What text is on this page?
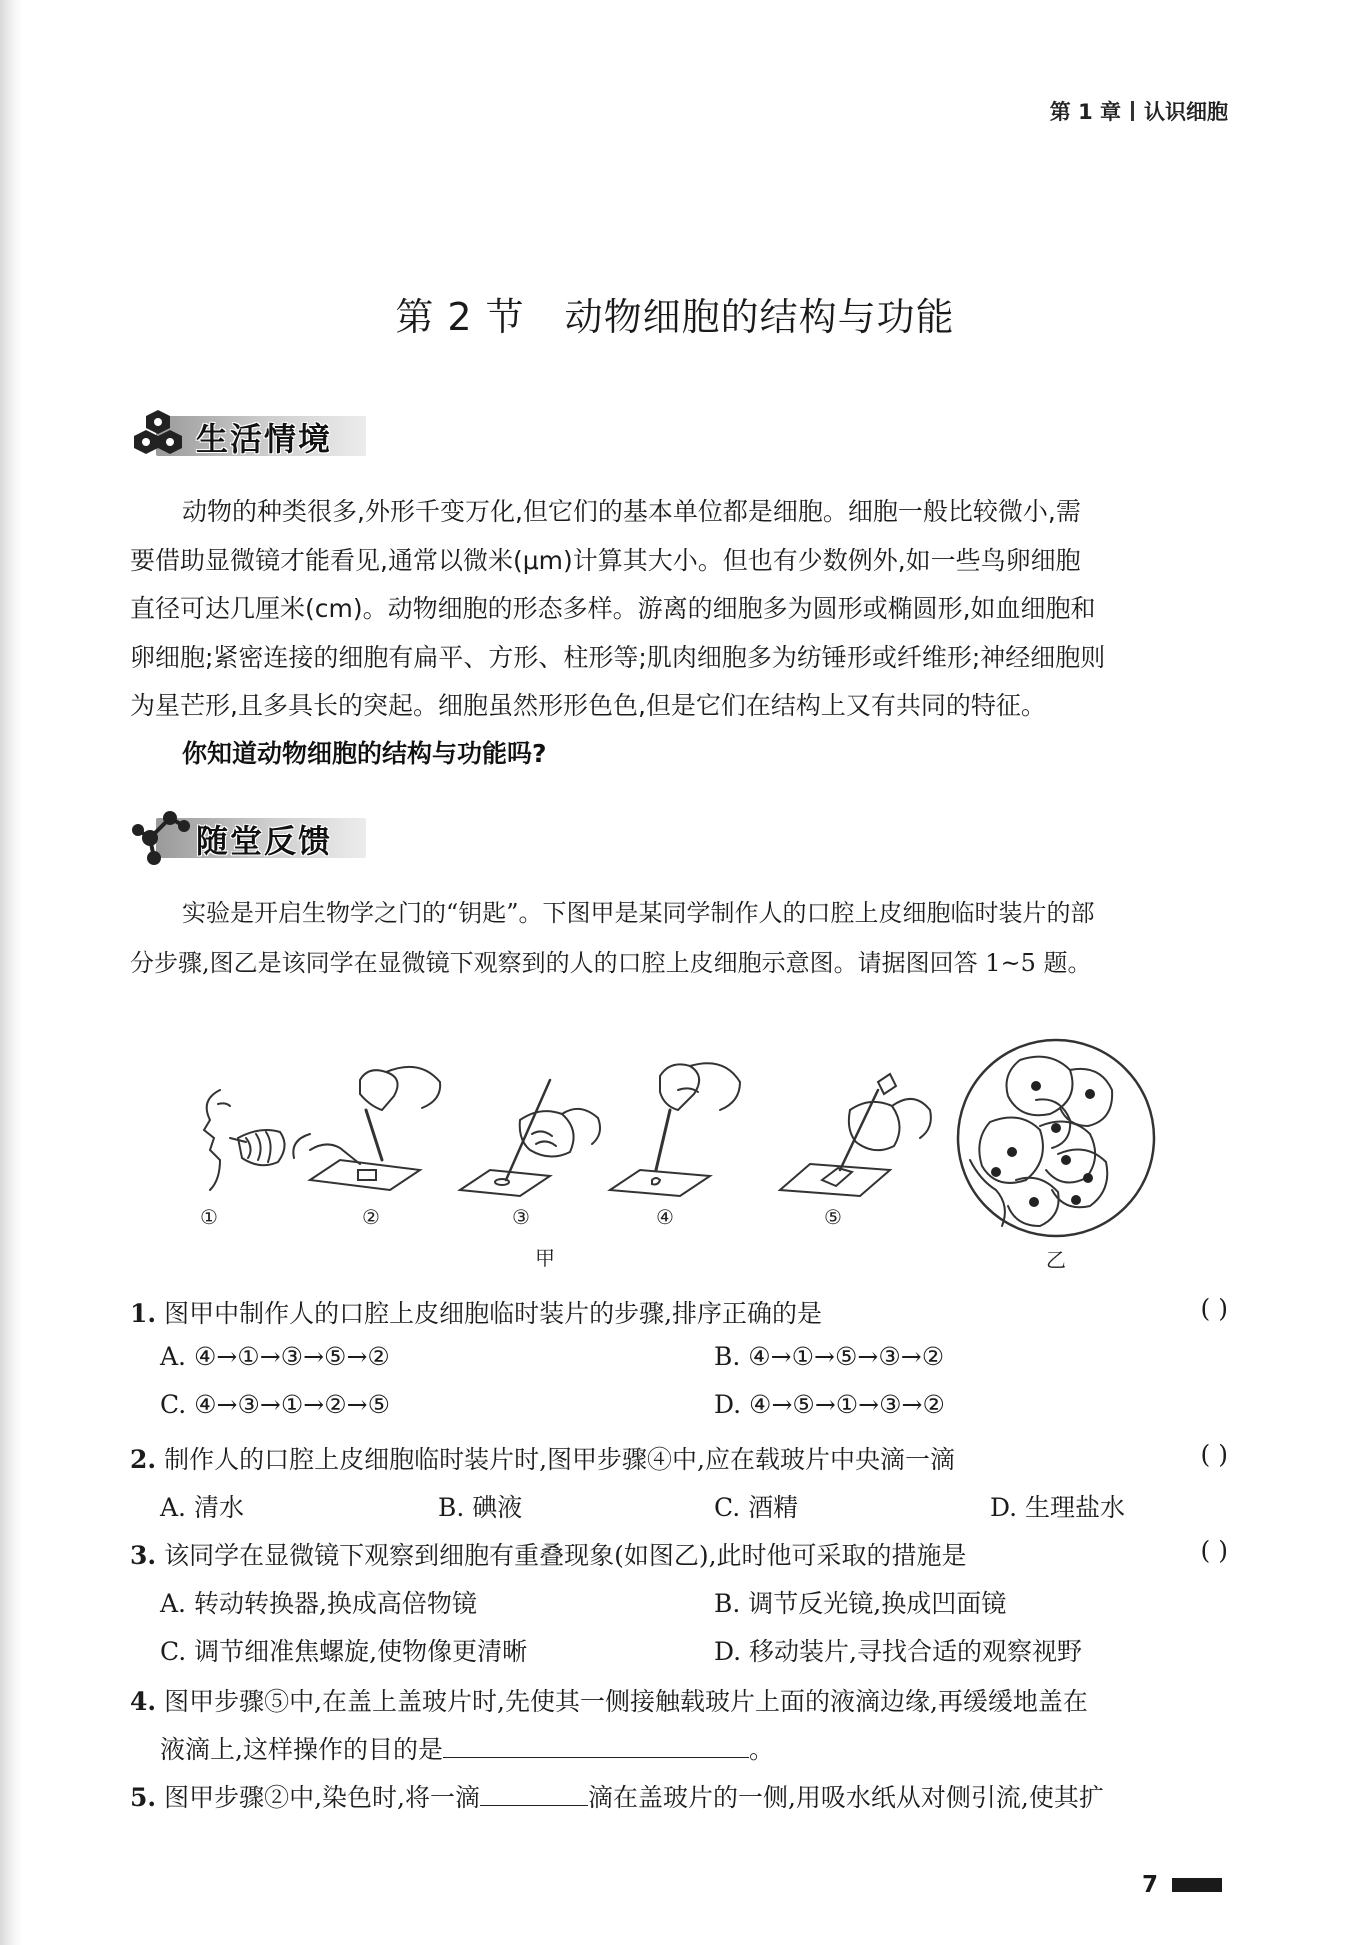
第 1 章 认识细胞
第 2 节 动物细胞的结构与功能
生活情境
动物的种类很多,外形千变万化,但它们的基本单位都是细胞。细胞一般比较微小,需
要借助显微镜才能看见,通常以微米(μm)计算其大小。但也有少数例外,如一些鸟卵细胞
直径可达几厘米(cm)。动物细胞的形态多样。游离的细胞多为圆形或椭圆形,如血细胞和
卵细胞;紧密连接的细胞有扁平、方形、柱形等;肌肉细胞多为纺锤形或纤维形;神经细胞则
为星芒形,且多具长的突起。细胞虽然形形色色,但是它们在结构上又有共同的特征。
你知道动物细胞的结构与功能吗?
随堂反馈
实验是开启生物学之门的“钥匙”。下图甲是某同学制作人的口腔上皮细胞临时装片的部
分步骤,图乙是该同学在显微镜下观察到的人的口腔上皮细胞示意图。请据图回答 1~5 题。
①	②	③	④	⑤
甲	乙
1. 图甲中制作人的口腔上皮细胞临时装片的步骤,排序正确的是	( )
A. ④→①→③→⑤→②	B. ④→①→⑤→③→②
C. ④→③→①→②→⑤	D. ④→⑤→①→③→②
2. 制作人的口腔上皮细胞临时装片时,图甲步骤④中,应在载玻片中央滴一滴	( )
A. 清水	B. 碘液	C. 酒精	D. 生理盐水
3. 该同学在显微镜下观察到细胞有重叠现象(如图乙),此时他可采取的措施是	( )
A. 转动转换器,换成高倍物镜	B. 调节反光镜,换成凹面镜
C. 调节细准焦螺旋,使物像更清晰	D. 移动装片,寻找合适的观察视野
4. 图甲步骤⑤中,在盖上盖玻片时,先使其一侧接触载玻片上面的液滴边缘,再缓缓地盖在
液滴上,这样操作的目的是	。
5. 图甲步骤②中,染色时,将一滴	滴在盖玻片的一侧,用吸水纸从对侧引流,使其扩
7
